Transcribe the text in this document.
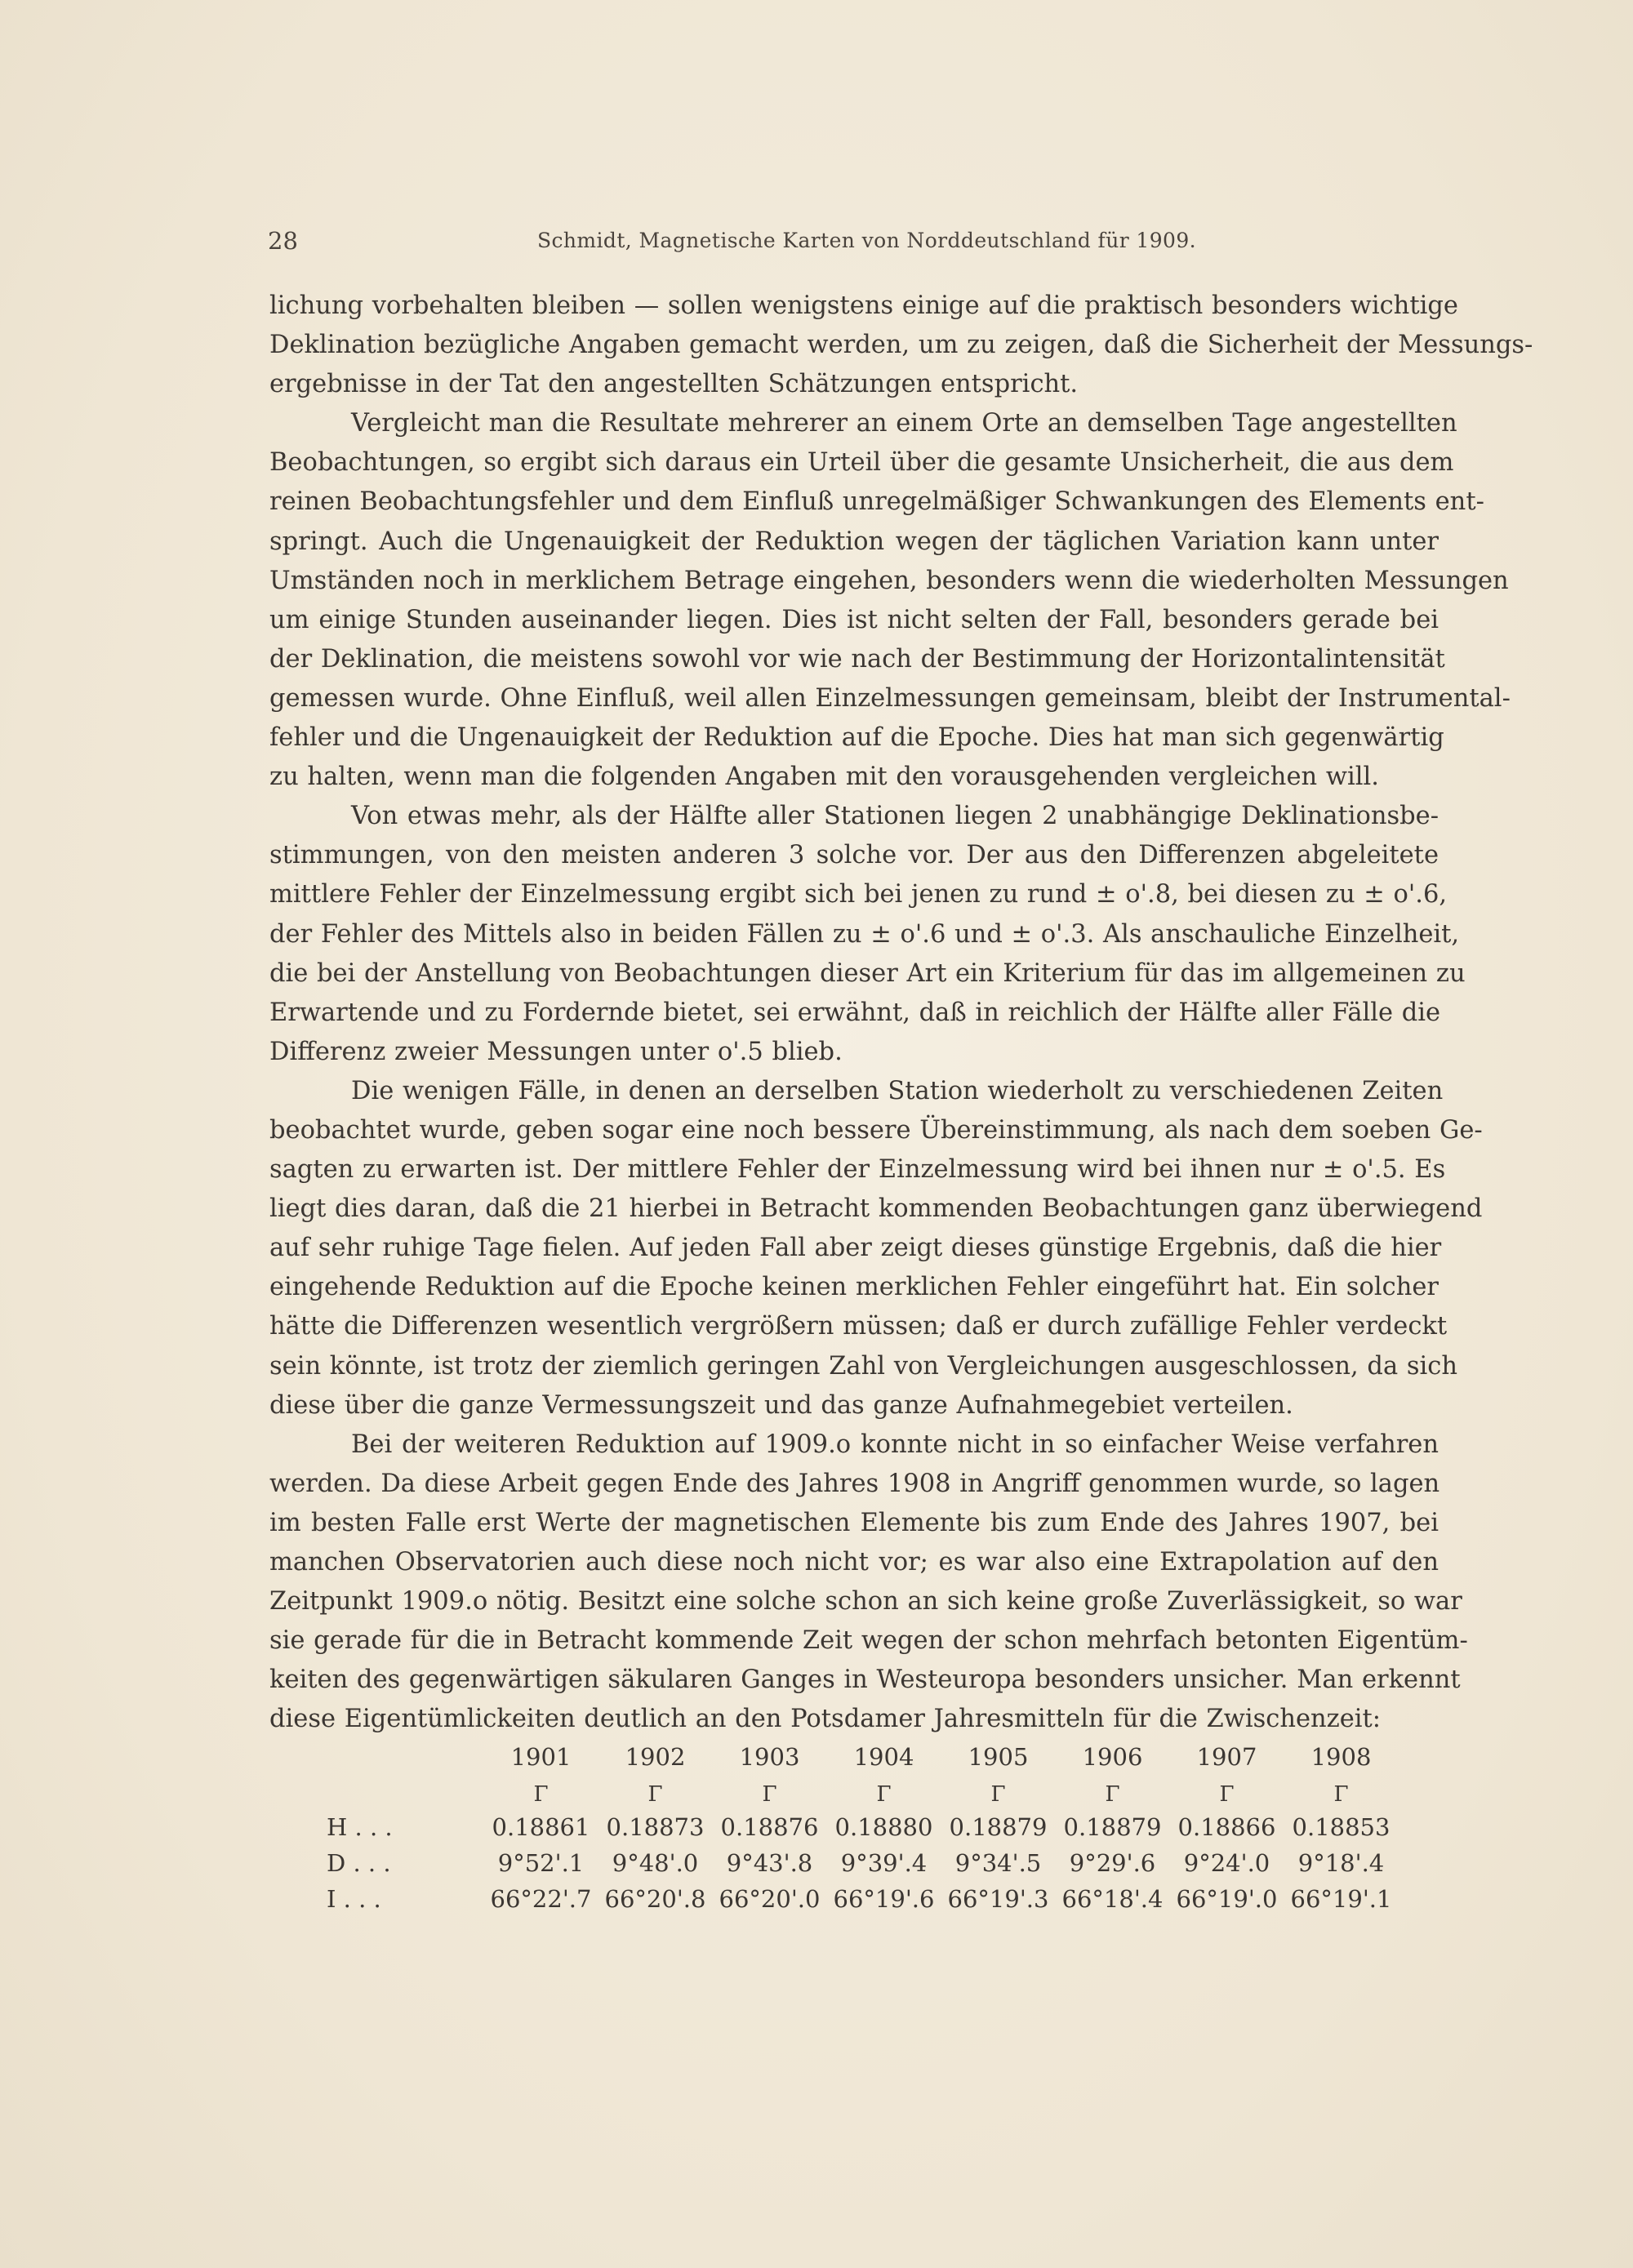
28	Schmidt, Magnetische Karten von Norddeutschland für 1909.
lichung vorbehalten bleiben — sollen wenigstens einige auf die praktisch besonders wichtige
Deklination bezügliche Angaben gemacht werden, um zu zeigen, daß die Sicherheit der Messungs-
ergebnisse in der Tat den angestellten Schätzungen entspricht.
Vergleicht man die Resultate mehrerer an einem Orte an demselben Tage angestellten
Beobachtungen, so ergibt sich daraus ein Urteil über die gesamte Unsicherheit, die aus dem
reinen Beobachtungsfehler und dem Einfluß unregelmäßiger Schwankungen des Elements ent-
springt. Auch die Ungenauigkeit der Reduktion wegen der täglichen Variation kann unter
Umständen noch in merklichem Betrage eingehen, besonders wenn die wiederholten Messungen
um einige Stunden auseinander liegen. Dies ist nicht selten der Fall, besonders gerade bei
der Deklination, die meistens sowohl vor wie nach der Bestimmung der Horizontalintensität
gemessen wurde. Ohne Einfluß, weil allen Einzelmessungen gemeinsam, bleibt der Instrumental-
fehler und die Ungenauigkeit der Reduktion auf die Epoche. Dies hat man sich gegenwärtig
zu halten, wenn man die folgenden Angaben mit den vorausgehenden vergleichen will.
Von etwas mehr, als der Hälfte aller Stationen liegen 2 unabhängige Deklinationsbe-
stimmungen, von den meisten anderen 3 solche vor. Der aus den Differenzen abgeleitete
mittlere Fehler der Einzelmessung ergibt sich bei jenen zu rund ± o'.8, bei diesen zu ± o'.6,
der Fehler des Mittels also in beiden Fällen zu ± o'.6 und ± o'.3. Als anschauliche Einzelheit,
die bei der Anstellung von Beobachtungen dieser Art ein Kriterium für das im allgemeinen zu
Erwartende und zu Fordernde bietet, sei erwähnt, daß in reichlich der Hälfte aller Fälle die
Differenz zweier Messungen unter o'.5 blieb.
Die wenigen Fälle, in denen an derselben Station wiederholt zu verschiedenen Zeiten
beobachtet wurde, geben sogar eine noch bessere Übereinstimmung, als nach dem soeben Ge-
sagten zu erwarten ist. Der mittlere Fehler der Einzelmessung wird bei ihnen nur ± o'.5. Es
liegt dies daran, daß die 21 hierbei in Betracht kommenden Beobachtungen ganz überwiegend
auf sehr ruhige Tage fielen. Auf jeden Fall aber zeigt dieses günstige Ergebnis, daß die hier
eingehende Reduktion auf die Epoche keinen merklichen Fehler eingeführt hat. Ein solcher
hätte die Differenzen wesentlich vergrößern müssen; daß er durch zufällige Fehler verdeckt
sein könnte, ist trotz der ziemlich geringen Zahl von Vergleichungen ausgeschlossen, da sich
diese über die ganze Vermessungszeit und das ganze Aufnahmegebiet verteilen.
Bei der weiteren Reduktion auf 1909.o konnte nicht in so einfacher Weise verfahren
werden. Da diese Arbeit gegen Ende des Jahres 1908 in Angriff genommen wurde, so lagen
im besten Falle erst Werte der magnetischen Elemente bis zum Ende des Jahres 1907, bei
manchen Observatorien auch diese noch nicht vor; es war also eine Extrapolation auf den
Zeitpunkt 1909.o nötig. Besitzt eine solche schon an sich keine große Zuverlässigkeit, so war
sie gerade für die in Betracht kommende Zeit wegen der schon mehrfach betonten Eigentüm-
keiten des gegenwärtigen säkularen Ganges in Westeuropa besonders unsicher. Man erkennt
diese Eigentümlickeiten deutlich an den Potsdamer Jahresmitteln für die Zwischenzeit:
1901	1902	1903	1904	1905	1906	1907	1908
Γ	Γ	Γ	Γ	Γ	Γ	Γ	Γ
H . . .	0.18861 0.18873 0.18876 0.18880 0.18879 0.18879 0.18866 0.18853
D . . .	9°52'.1	9°48'.0	9°43'.8	9°39'.4	9°34'.5	9°29'.6	9°24'.0	9°18'.4
I . . .	66°22'.7 66°20'.8 66°20'.0 66°19'.6 66°19'.3 66°18'.4 66°19'.0 66°19'.1
